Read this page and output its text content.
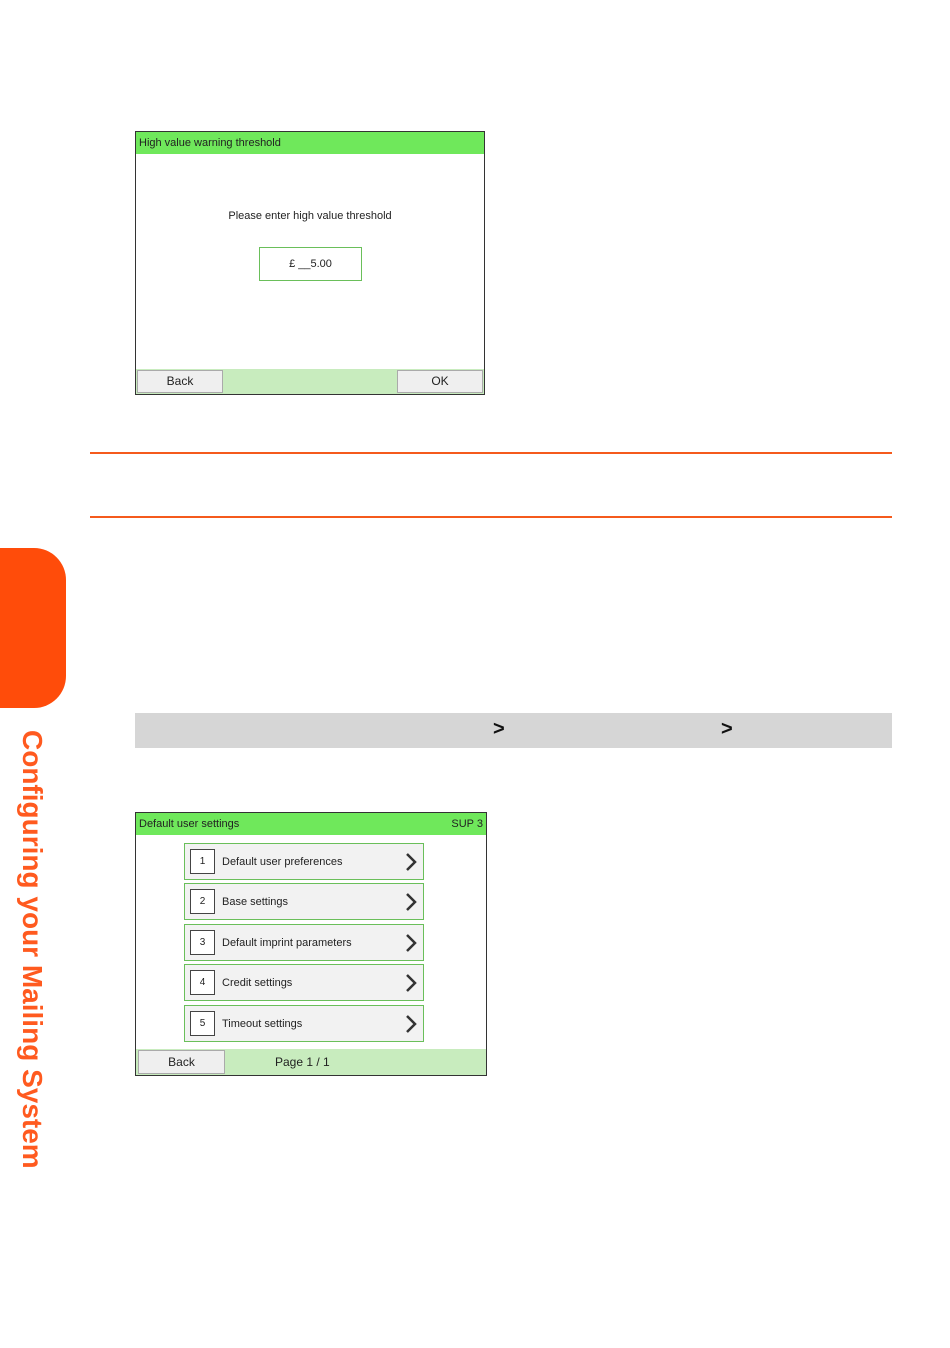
High value warning threshold
Please enter high value threshold
£ __5.00
Back	OK
Configuring your Mailing System
>	>
Default user settings	SUP 3
1	Default user preferences
2	Base settings
3	Default imprint parameters
4	Credit settings
5	Timeout settings
Back	Page 1 / 1
